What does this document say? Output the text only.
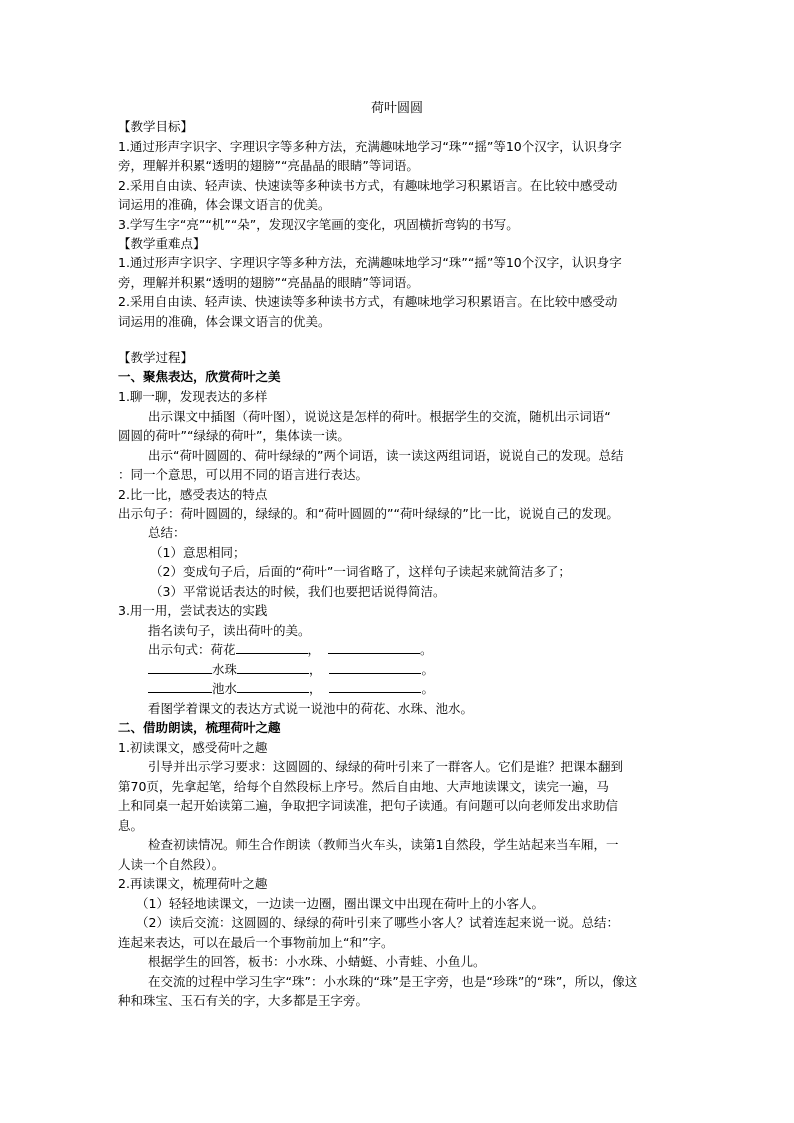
荷叶圆圆
【教学目标】
1.通过形声字识字、字理识字等多种方法，充满趣味地学习“珠”“摇”等10个汉字，认识身字
旁，理解并积累“透明的翅膀”“亮晶晶的眼睛”等词语。
2.采用自由读、轻声读、快速读等多种读书方式，有趣味地学习积累语言。在比较中感受动
词运用的准确，体会课文语言的优美。
3.学写生字“亮”“机”“朵”，发现汉字笔画的变化，巩固横折弯钩的书写。
【教学重难点】
1.通过形声字识字、字理识字等多种方法，充满趣味地学习“珠”“摇”等10个汉字，认识身字
旁，理解并积累“透明的翅膀”“亮晶晶的眼睛”等词语。
2.采用自由读、轻声读、快速读等多种读书方式，有趣味地学习积累语言。在比较中感受动
词运用的准确，体会课文语言的优美。
【教学过程】
一、聚焦表达，欣赏荷叶之美
1.聊一聊，发现表达的多样
出示课文中插图（荷叶图），说说这是怎样的荷叶。根据学生的交流，随机出示词语“
圆圆的荷叶”“绿绿的荷叶”，集体读一读。
出示“荷叶圆圆的、荷叶绿绿的”两个词语，读一读这两组词语，说说自己的发现。总结
：同一个意思，可以用不同的语言进行表达。
2.比一比，感受表达的特点
出示句子：荷叶圆圆的，绿绿的。和“荷叶圆圆的”“荷叶绿绿的”比一比，说说自己的发现。
总结：
（1）意思相同；
（2）变成句子后，后面的“荷叶”一词省略了，这样句子读起来就简洁多了；
（3）平常说话表达的时候，我们也要把话说得简洁。
3.用一用，尝试表达的实践
指名读句子，读出荷叶的美。
出示句式：荷花	，	。
水珠	，	。
池水	，	。
看图学着课文的表达方式说一说池中的荷花、水珠、池水。
二、借助朗读，梳理荷叶之趣
1.初读课文，感受荷叶之趣
引导并出示学习要求：这圆圆的、绿绿的荷叶引来了一群客人。它们是谁？把课本翻到
第70页，先拿起笔，给每个自然段标上序号。然后自由地、大声地读课文，读完一遍，马
上和同桌一起开始读第二遍，争取把字词读准，把句子读通。有问题可以向老师发出求助信
息。
检查初读情况。师生合作朗读（教师当火车头，读第1自然段，学生站起来当车厢，一
人读一个自然段）。
2.再读课文，梳理荷叶之趣
（1）轻轻地读课文，一边读一边圈，圈出课文中出现在荷叶上的小客人。
（2）读后交流：这圆圆的、绿绿的荷叶引来了哪些小客人？试着连起来说一说。总结：
连起来表达，可以在最后一个事物前加上“和”字。
根据学生的回答，板书：小水珠、小蜻蜓、小青蛙、小鱼儿。
在交流的过程中学习生字“珠”：小水珠的“珠”是王字旁，也是“珍珠”的“珠”，所以，像这
种和珠宝、玉石有关的字，大多都是王字旁。
